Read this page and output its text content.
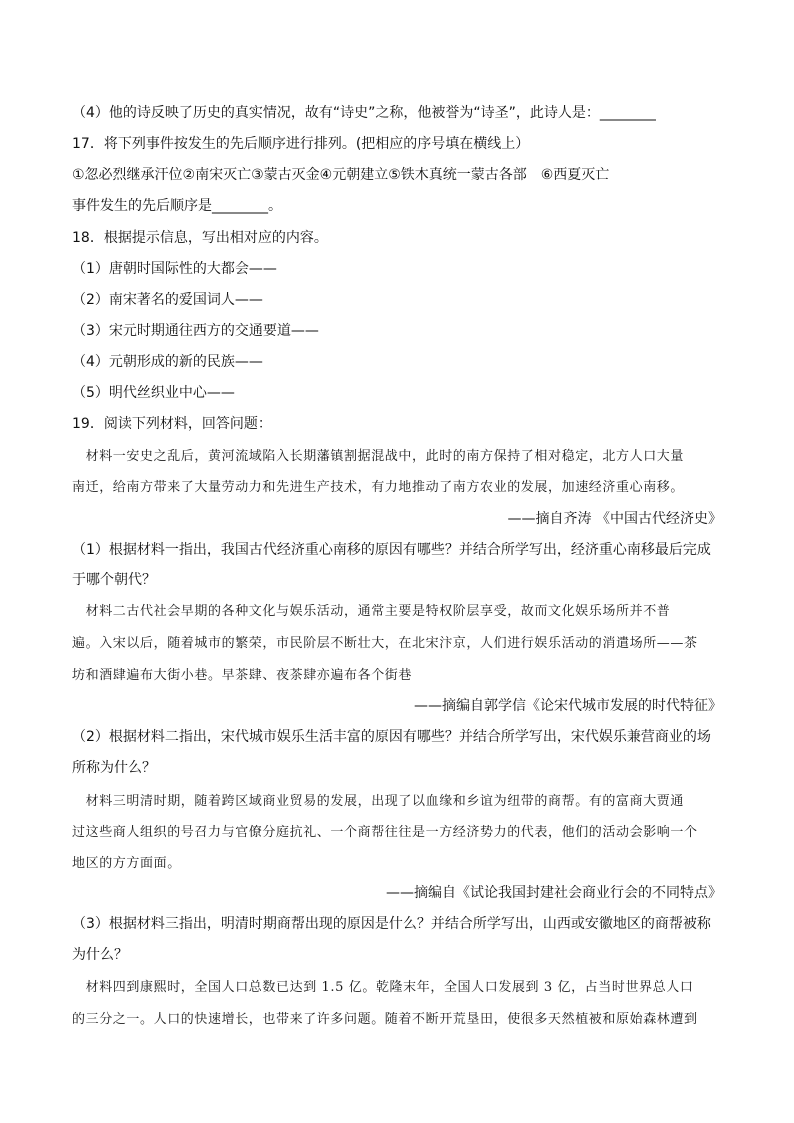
（4）他的诗反映了历史的真实情况，故有“诗史”之称，他被誉为“诗圣”，此诗人是：________
17．将下列事件按发生的先后顺序进行排列。(把相应的序号填在横线上）
①忽必烈继承汗位②南宋灭亡③蒙古灭金④元朝建立⑤铁木真统一蒙古各部　⑥西夏灭亡
事件发生的先后顺序是________。
18．根据提示信息，写出相对应的内容。
（1）唐朝时国际性的大都会——
（2）南宋著名的爱国词人——
（3）宋元时期通往西方的交通要道——
（4）元朝形成的新的民族——
（5）明代丝织业中心——
19．阅读下列材料，回答问题：
　材料一安史之乱后，黄河流域陷入长期藩镇割据混战中，此时的南方保持了相对稳定，北方人口大量
南迁，给南方带来了大量劳动力和先进生产技术，有力地推动了南方农业的发展，加速经济重心南移。
——摘自齐涛 《中国古代经济史》
（1）根据材料一指出，我国古代经济重心南移的原因有哪些？并结合所学写出，经济重心南移最后完成
于哪个朝代？
　材料二古代社会早期的各种文化与娱乐活动，通常主要是特权阶层享受，故而文化娱乐场所并不普
遍。入宋以后，随着城市的繁荣，市民阶层不断壮大，在北宋汴京，人们进行娱乐活动的消遣场所——茶
坊和酒肆遍布大街小巷。早茶肆、夜茶肆亦遍布各个街巷
——摘编自郭学信《论宋代城市发展的时代特征》
（2）根据材料二指出，宋代城市娱乐生活丰富的原因有哪些？并结合所学写出，宋代娱乐兼营商业的场
所称为什么？
　材料三明清时期，随着跨区域商业贸易的发展，出现了以血缘和乡谊为纽带的商帮。有的富商大贾通
过这些商人组织的号召力与官僚分庭抗礼、一个商帮往往是一方经济势力的代表，他们的活动会影响一个
地区的方方面面。
——摘编自《试论我国封建社会商业行会的不同特点》
（3）根据材料三指出，明清时期商帮出现的原因是什么？并结合所学写出，山西或安徽地区的商帮被称
为什么？
　材料四到康熙时，全国人口总数已达到 1.5 亿。乾隆末年，全国人口发展到 3 亿，占当时世界总人口
的三分之一。人口的快速增长，也带来了许多问题。随着不断开荒垦田，使很多天然植被和原始森林遭到
